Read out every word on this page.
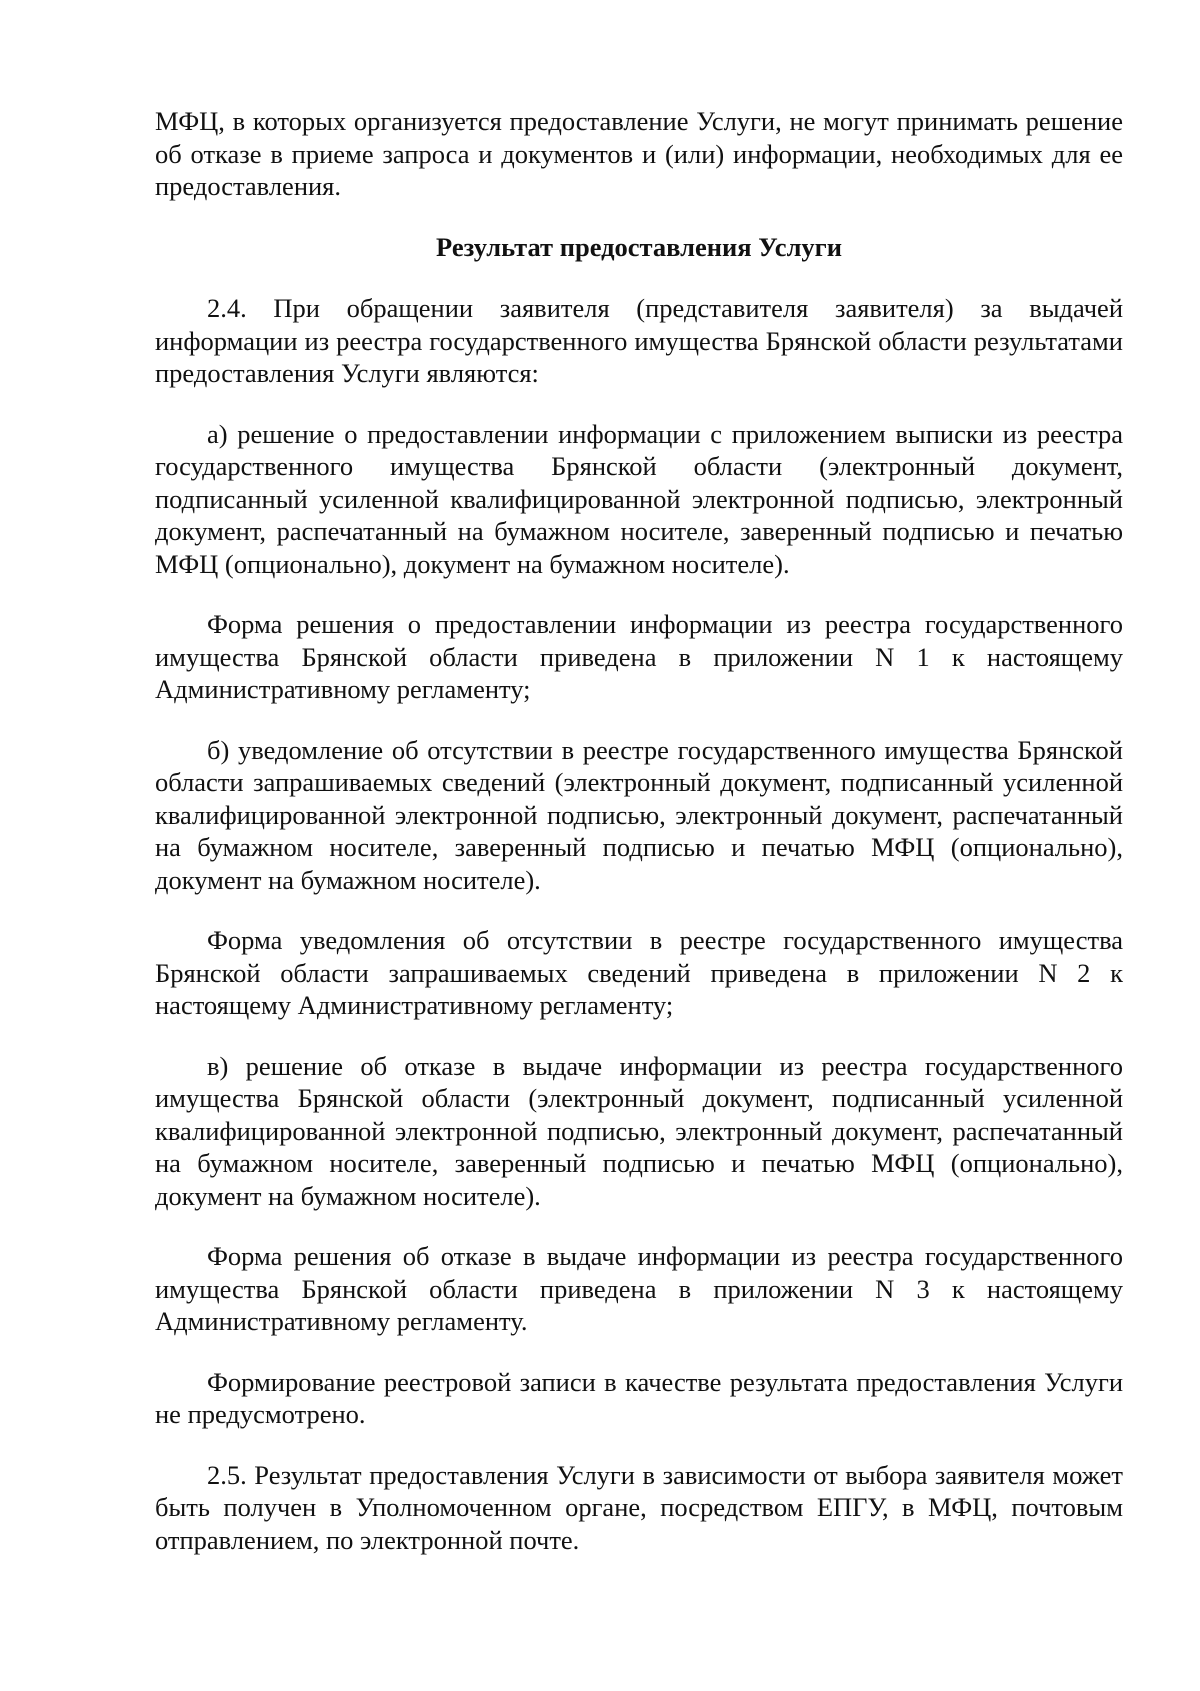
МФЦ, в которых организуется предоставление Услуги, не могут принимать решение об отказе в приеме запроса и документов и (или) информации, необходимых для ее предоставления.

Результат предоставления Услуги

2.4. При обращении заявителя (представителя заявителя) за выдачей информации из реестра государственного имущества Брянской области результатами предоставления Услуги являются:

а) решение о предоставлении информации с приложением выписки из реестра государственного имущества Брянской области (электронный документ, подписанный усиленной квалифицированной электронной подписью, электронный документ, распечатанный на бумажном носителе, заверенный подписью и печатью МФЦ (опционально), документ на бумажном носителе).

Форма решения о предоставлении информации из реестра государственного имущества Брянской области приведена в приложении N 1 к настоящему Административному регламенту;

б) уведомление об отсутствии в реестре государственного имущества Брянской области запрашиваемых сведений (электронный документ, подписанный усиленной квалифицированной электронной подписью, электронный документ, распечатанный на бумажном носителе, заверенный подписью и печатью МФЦ (опционально), документ на бумажном носителе).

Форма уведомления об отсутствии в реестре государственного имущества Брянской области запрашиваемых сведений приведена в приложении N 2 к настоящему Административному регламенту;

в) решение об отказе в выдаче информации из реестра государственного имущества Брянской области (электронный документ, подписанный усиленной квалифицированной электронной подписью, электронный документ, распечатанный на бумажном носителе, заверенный подписью и печатью МФЦ (опционально), документ на бумажном носителе).

Форма решения об отказе в выдаче информации из реестра государственного имущества Брянской области приведена в приложении N 3 к настоящему Административному регламенту.

Формирование реестровой записи в качестве результата предоставления Услуги не предусмотрено.

2.5. Результат предоставления Услуги в зависимости от выбора заявителя может быть получен в Уполномоченном органе, посредством ЕПГУ, в МФЦ, почтовым отправлением, по электронной почте.
